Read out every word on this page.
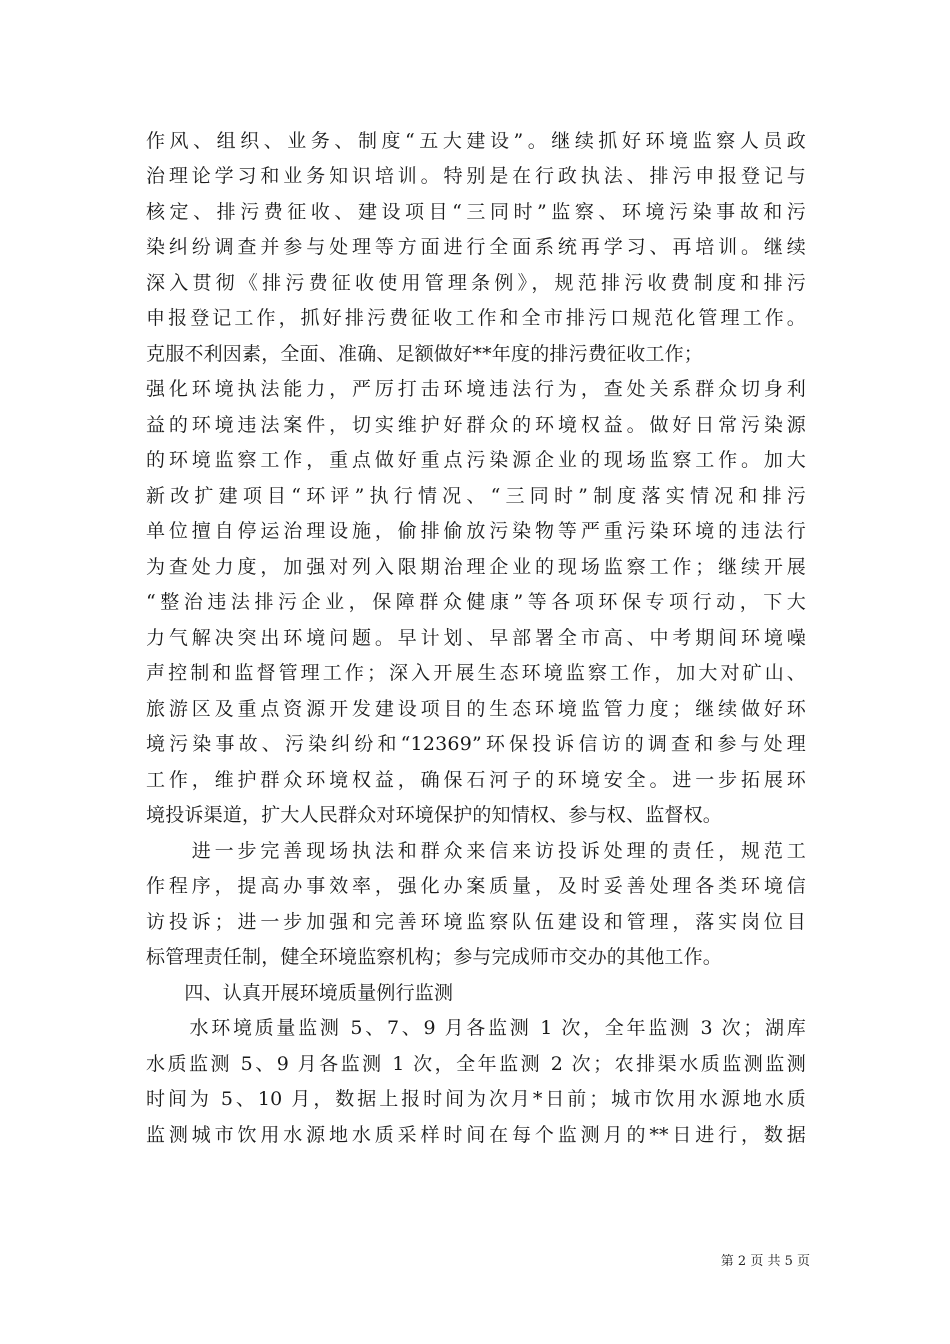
作风、组织、业务、制度“五大建设”。继续抓好环境监察人员政
治理论学习和业务知识培训。特别是在行政执法、排污申报登记与
核定、排污费征收、建设项目“三同时”监察、环境污染事故和污
染纠纷调查并参与处理等方面进行全面系统再学习、再培训。继续
深入贯彻《排污费征收使用管理条例》，规范排污收费制度和排污
申报登记工作，抓好排污费征收工作和全市排污口规范化管理工作。
克服不利因素，全面、准确、足额做好**年度的排污费征收工作；
强化环境执法能力，严厉打击环境违法行为，查处关系群众切身利
益的环境违法案件，切实维护好群众的环境权益。做好日常污染源
的环境监察工作，重点做好重点污染源企业的现场监察工作。加大
新改扩建项目“环评”执行情况、“三同时”制度落实情况和排污
单位擅自停运治理设施，偷排偷放污染物等严重污染环境的违法行
为查处力度，加强对列入限期治理企业的现场监察工作；继续开展
“整治违法排污企业，保障群众健康”等各项环保专项行动，下大
力气解决突出环境问题。早计划、早部署全市高、中考期间环境噪
声控制和监督管理工作；深入开展生态环境监察工作，加大对矿山、
旅游区及重点资源开发建设项目的生态环境监管力度；继续做好环
境污染事故、污染纠纷和“12369”环保投诉信访的调查和参与处理
工作，维护群众环境权益，确保石河子的环境安全。进一步拓展环
境投诉渠道，扩大人民群众对环境保护的知情权、参与权、监督权。
　　进一步完善现场执法和群众来信来访投诉处理的责任，规范工
作程序，提高办事效率，强化办案质量，及时妥善处理各类环境信
访投诉；进一步加强和完善环境监察队伍建设和管理，落实岗位目
标管理责任制，健全环境监察机构；参与完成师市交办的其他工作。
　　四、认真开展环境质量例行监测
　　水环境质量监测 5、7、9 月各监测 1 次，全年监测 3 次；湖库
水质监测 5、9 月各监测 1 次，全年监测 2 次；农排渠水质监测监测
时间为 5、10 月，数据上报时间为次月*日前；城市饮用水源地水质
监测城市饮用水源地水质采样时间在每个监测月的**日进行，数据
第 2 页 共 5 页
